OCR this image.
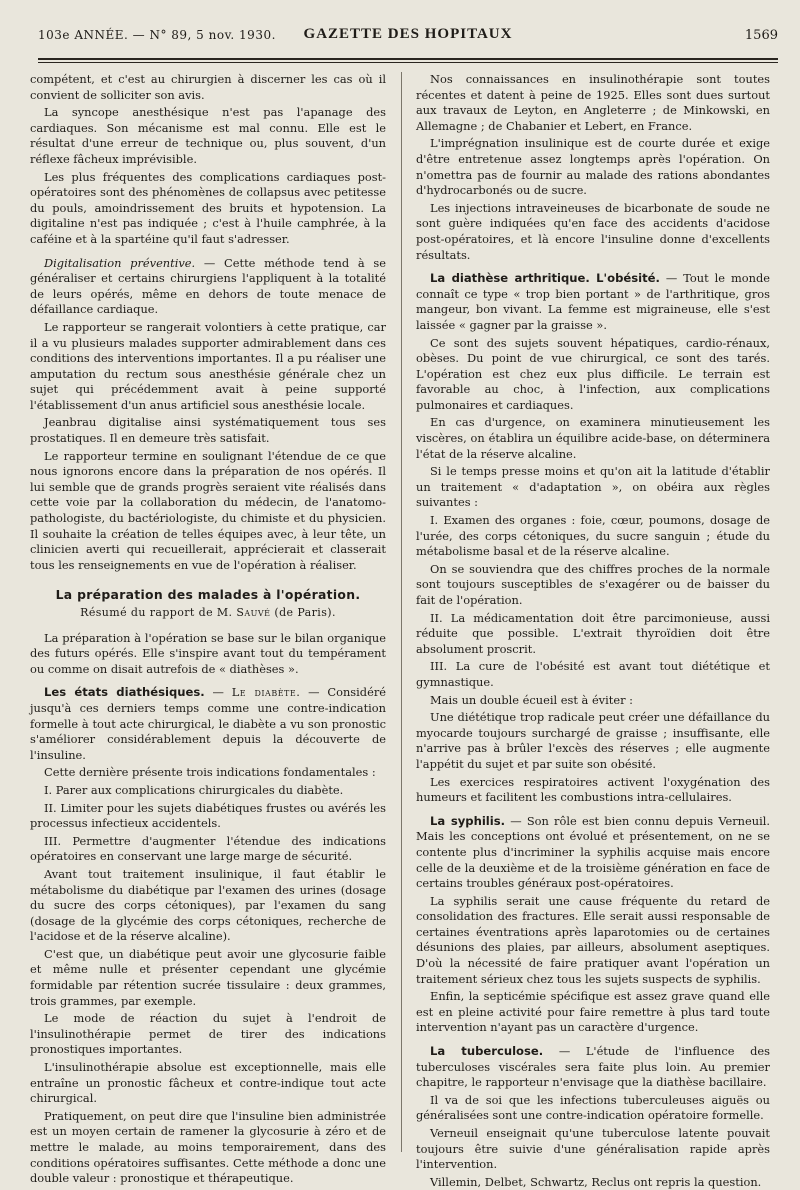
103e ANNÉE. — N° 89, 5 nov. 1930.	GAZETTE DES HOPITAUX	1569

compétent, et c'est au chirurgien à discerner les cas où il convient de solliciter son avis.

La syncope anesthésique n'est pas l'apanage des cardiaques. Son mécanisme est mal connu. Elle est le résultat d'une erreur de technique ou, plus souvent, d'un réflexe fâcheux imprévisible.

Les plus fréquentes des complications cardiaques post-opératoires sont des phénomènes de collapsus avec petitesse du pouls, amoindrissement des bruits et hypotension. La digitaline n'est pas indiquée ; c'est à l'huile camphrée, à la caféine et à la spartéine qu'il faut s'adresser.

Digitalisation préventive. — Cette méthode tend à se généraliser et certains chirurgiens l'appliquent à la totalité de leurs opérés, même en dehors de toute menace de défaillance cardiaque.

Le rapporteur se rangerait volontiers à cette pratique, car il a vu plusieurs malades supporter admirablement dans ces conditions des interventions importantes. Il a pu réaliser une amputation du rectum sous anesthésie générale chez un sujet qui précédemment avait à peine supporté l'établissement d'un anus artificiel sous anesthésie locale.

Jeanbrau digitalise ainsi systématiquement tous ses prostatiques. Il en demeure très satisfait.

Le rapporteur termine en soulignant l'étendue de ce que nous ignorons encore dans la préparation de nos opérés. Il lui semble que de grands progrès seraient vite réalisés dans cette voie par la collaboration du médecin, de l'anatomo-pathologiste, du bactériologiste, du chimiste et du physicien. Il souhaite la création de telles équipes avec, à leur tête, un clinicien averti qui recueillerait, apprécierait et classerait tous les renseignements en vue de l'opération à réaliser.

La préparation des malades à l'opération.
Résumé du rapport de M. Sauvé (de Paris).

La préparation à l'opération se base sur le bilan organique des futurs opérés. Elle s'inspire avant tout du tempérament ou comme on disait autrefois de « diathèses ».

Les états diathésiques. — Le diabète. — Considéré jusqu'à ces derniers temps comme une contre-indication formelle à tout acte chirurgical, le diabète a vu son pronostic s'améliorer considérablement depuis la découverte de l'insuline.

Cette dernière présente trois indications fondamentales :

I. Parer aux complications chirurgicales du diabète.

II. Limiter pour les sujets diabétiques frustes ou avérés les processus infectieux accidentels.

III. Permettre d'augmenter l'étendue des indications opératoires en conservant une large marge de sécurité.

Avant tout traitement insulinique, il faut établir le métabolisme du diabétique par l'examen des urines (dosage du sucre des corps cétoniques), par l'examen du sang (dosage de la glycémie des corps cétoniques, recherche de l'acidose et de la réserve alcaline).

C'est que, un diabétique peut avoir une glycosurie faible et même nulle et présenter cependant une glycémie formidable par rétention sucrée tissulaire : deux grammes, trois grammes, par exemple.

Le mode de réaction du sujet à l'endroit de l'insulinothérapie permet de tirer des indications pronostiques importantes.

L'insulinothérapie absolue est exceptionnelle, mais elle entraîne un pronostic fâcheux et contre-indique tout acte chirurgical.

Pratiquement, on peut dire que l'insuline bien administrée est un moyen certain de ramener la glycosurie à zéro et de mettre le malade, au moins temporairement, dans des conditions opératoires suffisantes. Cette méthode a donc une double valeur : pronostique et thérapeutique.

Nos connaissances en insulinothérapie sont toutes récentes et datent à peine de 1925. Elles sont dues surtout aux travaux de Leyton, en Angleterre ; de Minkowski, en Allemagne ; de Chabanier et Lebert, en France.

L'imprégnation insulinique est de courte durée et exige d'être entretenue assez longtemps après l'opération. On n'omettra pas de fournir au malade des rations abondantes d'hydrocarbonés ou de sucre.

Les injections intraveineuses de bicarbonate de soude ne sont guère indiquées qu'en face des accidents d'acidose post-opératoires, et là encore l'insuline donne d'excellents résultats.

La diathèse arthritique. L'obésité. — Tout le monde connaît ce type « trop bien portant » de l'arthritique, gros mangeur, bon vivant. La femme est migraineuse, elle s'est laissée « gagner par la graisse ».

Ce sont des sujets souvent hépatiques, cardio-rénaux, obèses. Du point de vue chirurgical, ce sont des tarés. L'opération est chez eux plus difficile. Le terrain est favorable au choc, à l'infection, aux complications pulmonaires et cardiaques.

En cas d'urgence, on examinera minutieusement les viscères, on établira un équilibre acide-base, on déterminera l'état de la réserve alcaline.

Si le temps presse moins et qu'on ait la latitude d'établir un traitement « d'adaptation », on obéira aux règles suivantes :

I. Examen des organes : foie, cœur, poumons, dosage de l'urée, des corps cétoniques, du sucre sanguin ; étude du métabolisme basal et de la réserve alcaline.

On se souviendra que des chiffres proches de la normale sont toujours susceptibles de s'exagérer ou de baisser du fait de l'opération.

II. La médicamentation doit être parcimonieuse, aussi réduite que possible. L'extrait thyroïdien doit être absolument proscrit.

III. La cure de l'obésité est avant tout diététique et gymnastique.

Mais un double écueil est à éviter :

Une diététique trop radicale peut créer une défaillance du myocarde toujours surchargé de graisse ; insuffisante, elle n'arrive pas à brûler l'excès des réserves ; elle augmente l'appétit du sujet et par suite son obésité.

Les exercices respiratoires activent l'oxygénation des humeurs et facilitent les combustions intra-cellulaires.

La syphilis. — Son rôle est bien connu depuis Verneuil. Mais les conceptions ont évolué et présentement, on ne se contente plus d'incriminer la syphilis acquise mais encore celle de la deuxième et de la troisième génération en face de certains troubles généraux post-opératoires.

La syphilis serait une cause fréquente du retard de consolidation des fractures. Elle serait aussi responsable de certaines éventrations après laparotomies ou de certaines désunions des plaies, par ailleurs, absolument aseptiques. D'où la nécessité de faire pratiquer avant l'opération un traitement sérieux chez tous les sujets suspects de syphilis.

Enfin, la septicémie spécifique est assez grave quand elle est en pleine activité pour faire remettre à plus tard toute intervention n'ayant pas un caractère d'urgence.

La tuberculose. — L'étude de l'influence des tuberculoses viscérales sera faite plus loin. Au premier chapitre, le rapporteur n'envisage que la diathèse bacillaire.

Il va de soi que les infections tuberculeuses aiguës ou généralisées sont une contre-indication opératoire formelle.

Verneuil enseignait qu'une tuberculose latente pouvait toujours être suivie d'une généralisation rapide après l'intervention.

Villemin, Delbet, Schwartz, Reclus ont repris la question.
